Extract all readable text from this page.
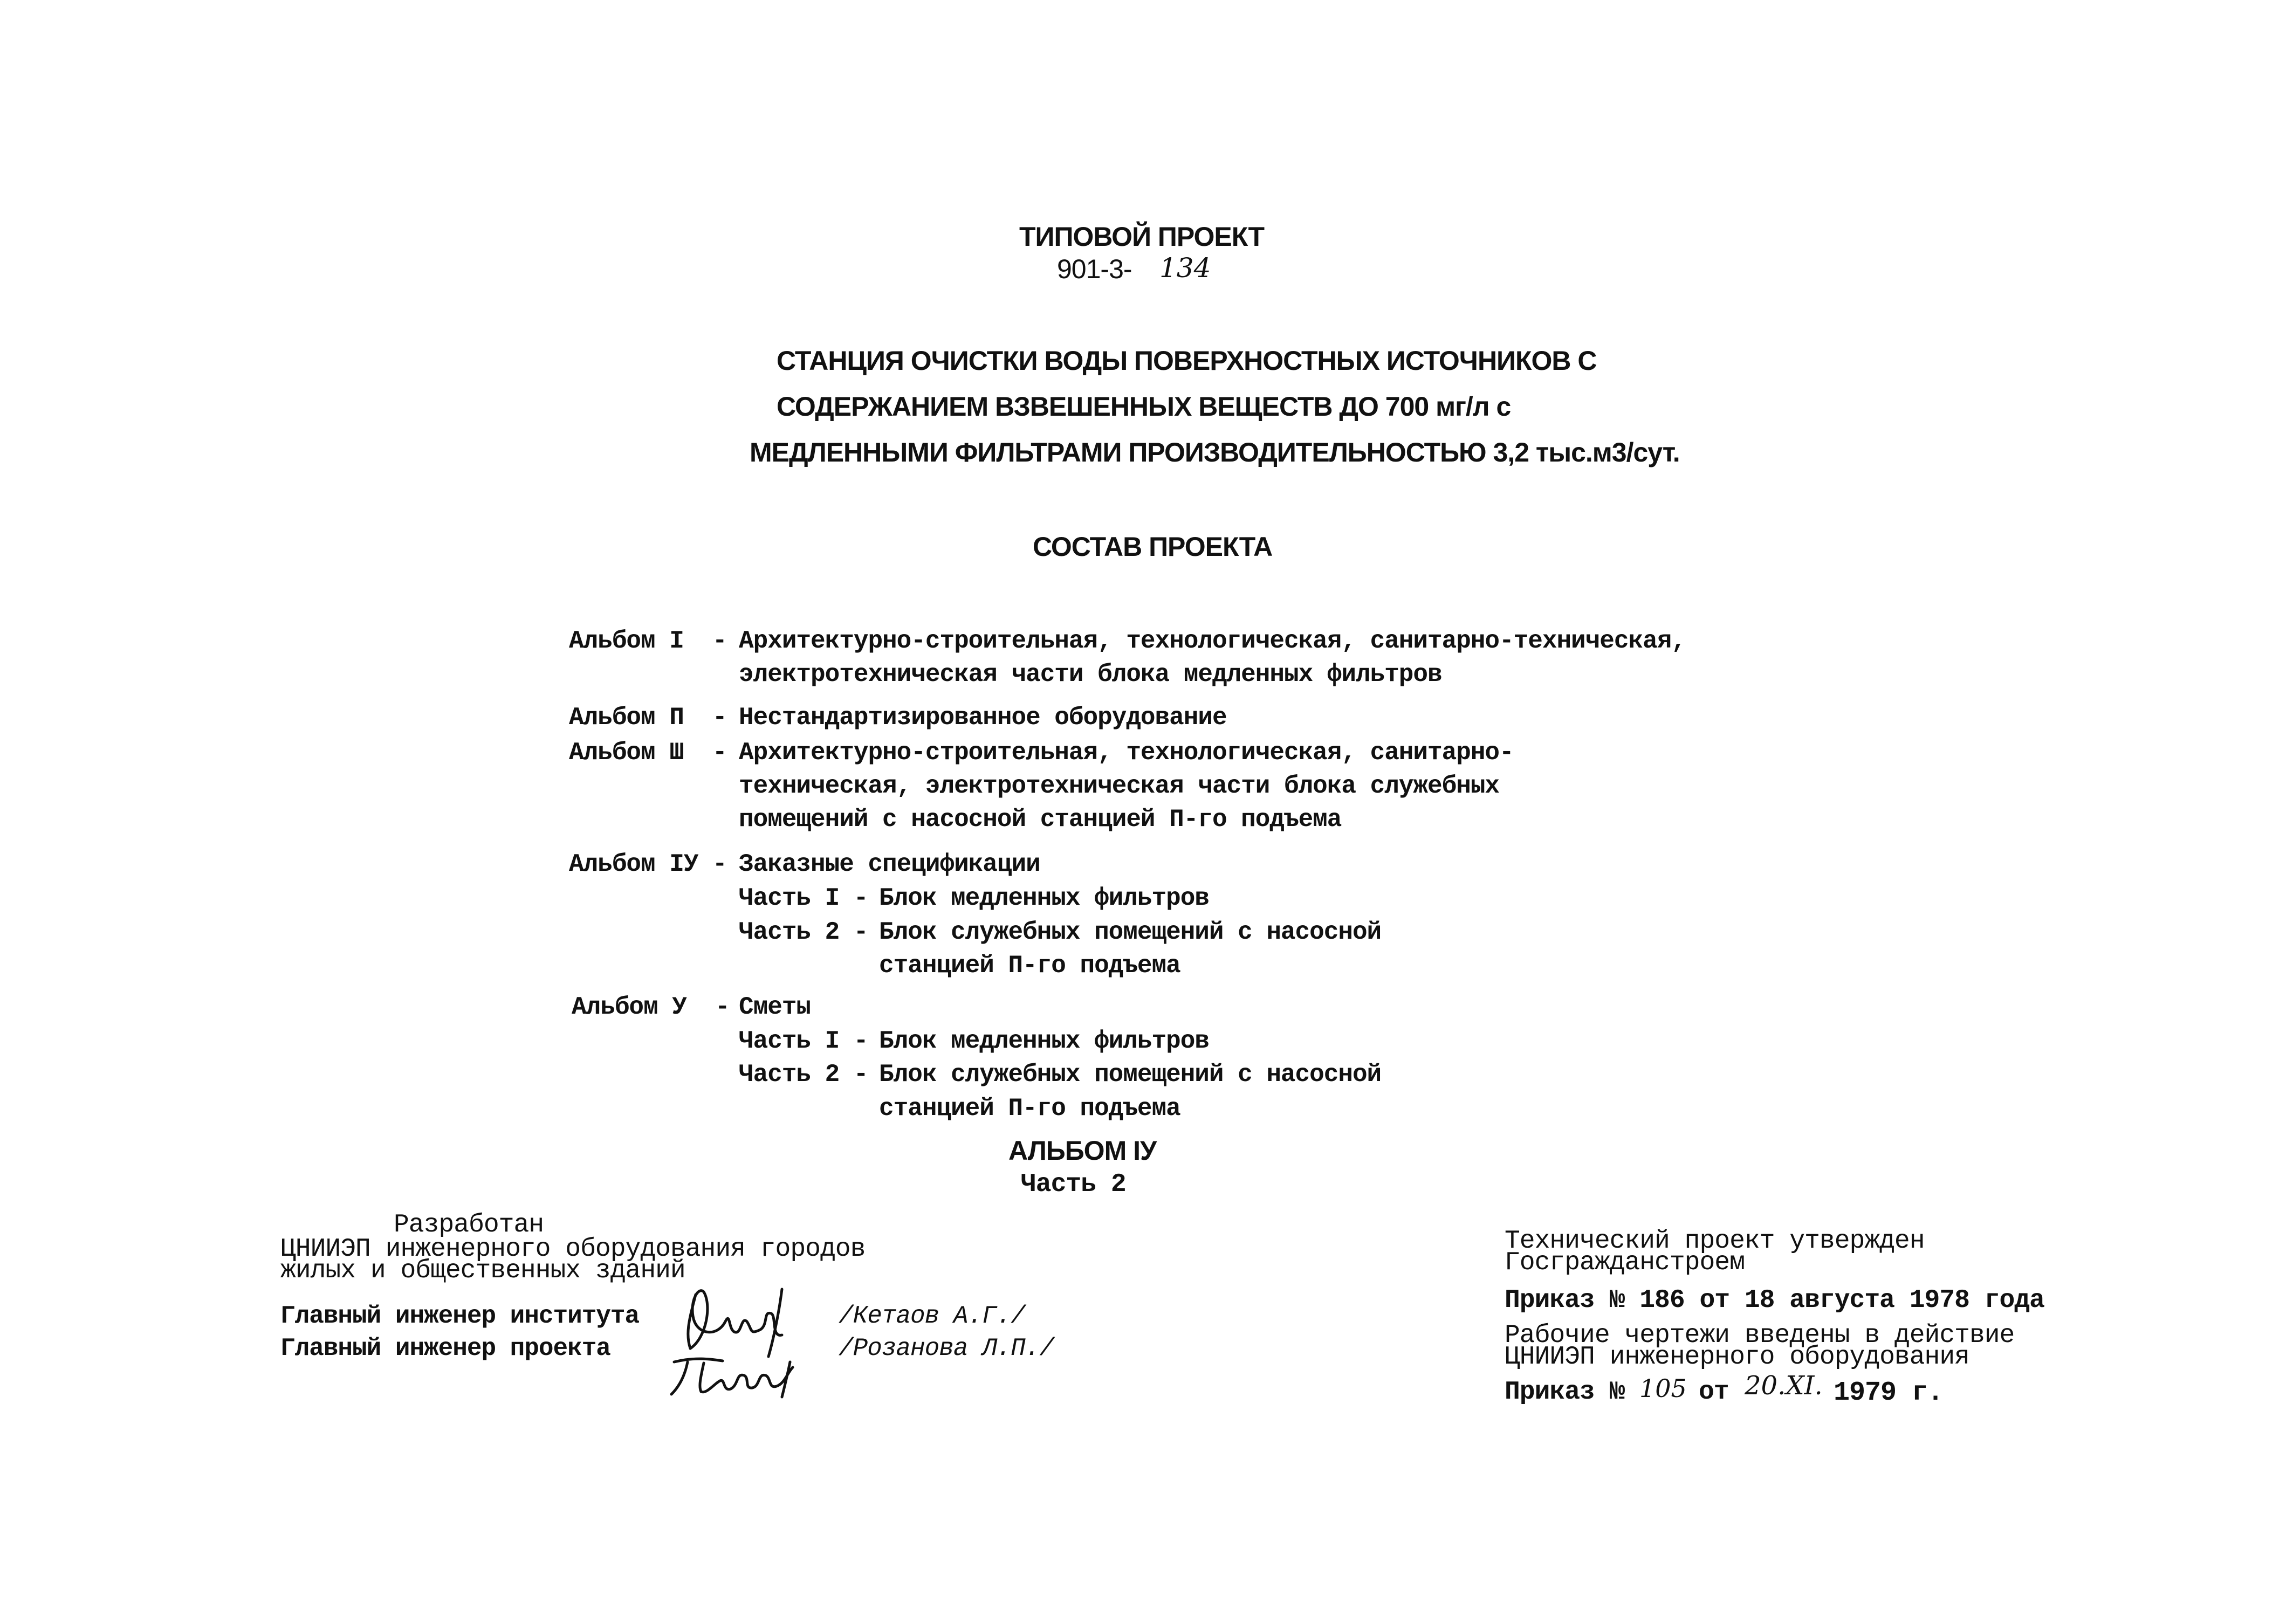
ТИПОВОЙ ПРОЕКТ
901-3- 134
СТАНЦИЯ ОЧИСТКИ ВОДЫ ПОВЕРХНОСТНЫХ ИСТОЧНИКОВ С
СОДЕРЖАНИЕМ ВЗВЕШЕННЫХ ВЕЩЕСТВ ДО 700 мг/л с
МЕДЛЕННЫМИ ФИЛЬТРАМИ ПРОИЗВОДИТЕЛЬНОСТЬЮ 3,2 тыс.м3/сут.
СОСТАВ ПРОЕКТА
Альбом I  - Архитектурно-строительная, технологическая, санитарно-техническая,
электротехническая части блока медленных фильтров
Альбом П  - Нестандартизированное оборудование
Альбом Ш  - Архитектурно-строительная, технологическая, санитарно-
техническая, электротехническая части блока служебных
помещений с насосной станцией П-го подъема
Альбом IУ - Заказные спецификации
Часть I - Блок медленных фильтров
Часть 2 - Блок служебных помещений с насосной
станцией П-го подъема
Альбом У  - Сметы
Часть I - Блок медленных фильтров
Часть 2 - Блок служебных помещений с насосной
станцией П-го подъема
АЛЬБОМ IУ
Часть 2
Разработан
ЦНИИЭП инженерного оборудования городов
жилых и общественных зданий
Главный инженер института

	/Кетаов А.Г./
Главный инженер проекта

	/Розанова Л.П./
Технический проект утвержден
Госгражданстроем
Приказ № 186 от 18 августа 1978 года
Рабочие чертежи введены в действие
ЦНИИЭП инженерного оборудования
Приказ № 105 от 20.XI. 1979 г.
